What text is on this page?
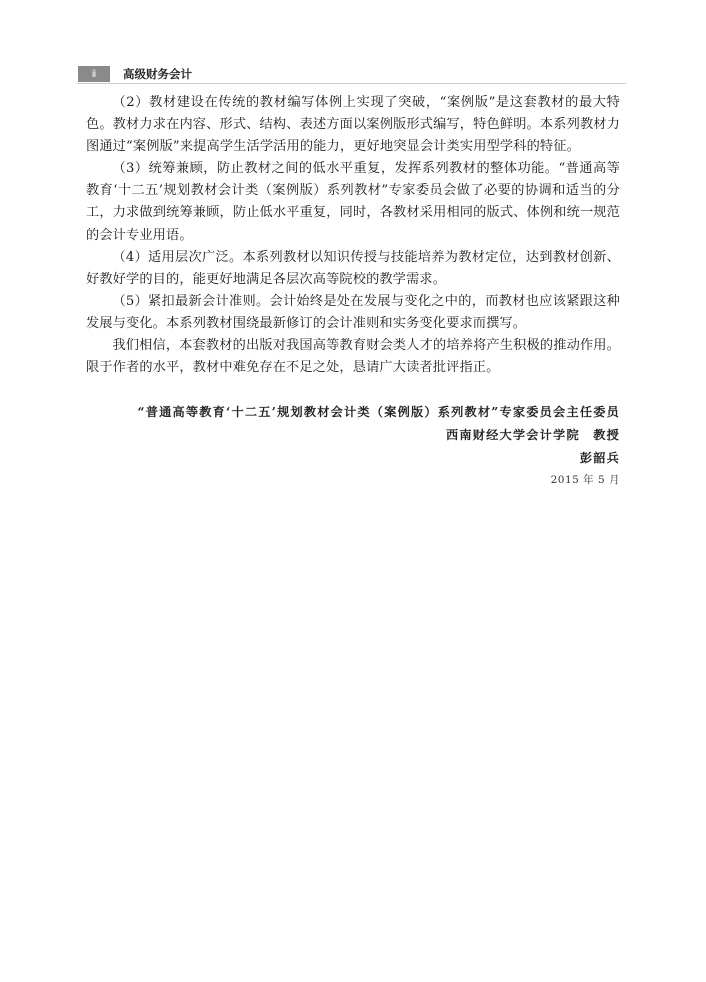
ⅱ	高级财务会计

（2）教材建设在传统的教材编写体例上实现了突破，“案例版”是这套教材的最大特色。教材力求在内容、形式、结构、表述方面以案例版形式编写，特色鲜明。本系列教材力图通过“案例版”来提高学生活学活用的能力，更好地突显会计类实用型学科的特征。

（3）统筹兼顾，防止教材之间的低水平重复，发挥系列教材的整体功能。“普通高等教育‘十二五’规划教材会计类（案例版）系列教材”专家委员会做了必要的协调和适当的分工，力求做到统筹兼顾，防止低水平重复，同时，各教材采用相同的版式、体例和统一规范的会计专业用语。

（4）适用层次广泛。本系列教材以知识传授与技能培养为教材定位，达到教材创新、好教好学的目的，能更好地满足各层次高等院校的教学需求。

（5）紧扣最新会计准则。会计始终是处在发展与变化之中的，而教材也应该紧跟这种发展与变化。本系列教材围绕最新修订的会计准则和实务变化要求而撰写。

我们相信，本套教材的出版对我国高等教育财会类人才的培养将产生积极的推动作用。限于作者的水平，教材中难免存在不足之处，恳请广大读者批评指正。

“普通高等教育‘十二五’规划教材会计类（案例版）系列教材”专家委员会主任委员
西南财经大学会计学院　教授
彭韶兵
2015 年 5 月
